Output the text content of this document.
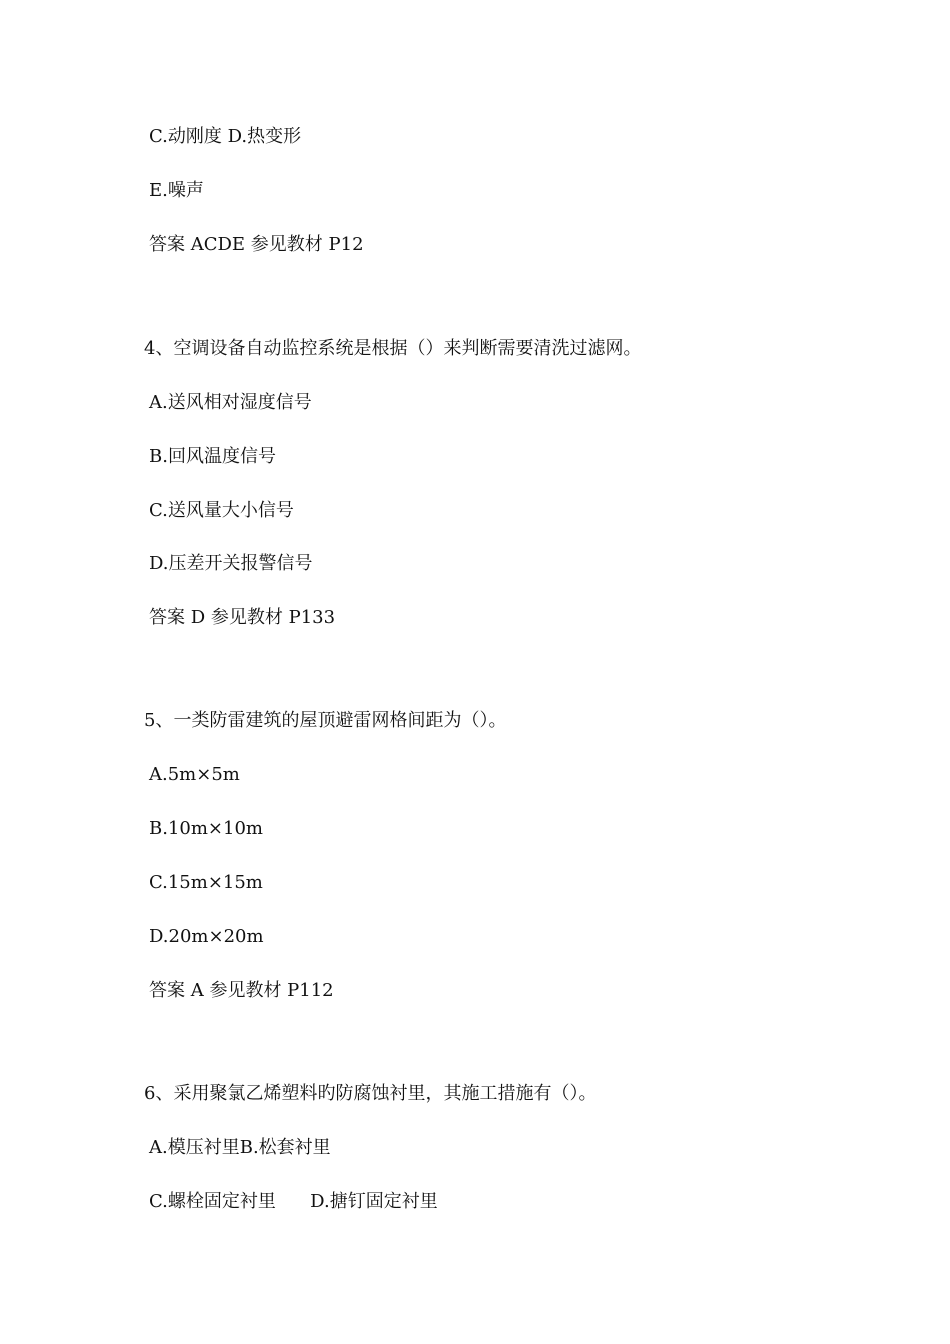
C.动刚度 D.热变形
E.噪声
答案 ACDE 参见教材 P12
4、空调设备自动监控系统是根据（）来判断需要清洗过滤网。
A.送风相对湿度信号
B.回风温度信号
C.送风量大小信号
D.压差开关报警信号
答案 D 参见教材 P133
5、一类防雷建筑的屋顶避雷网格间距为（）。
A.5m×5m
B.10m×10m
C.15m×15m
D.20m×20m
答案 A 参见教材 P112
6、采用聚氯乙烯塑料旳防腐蚀衬里，其施工措施有（）。
A.模压衬里B.松套衬里
C.螺栓固定衬里      D.搪钉固定衬里
